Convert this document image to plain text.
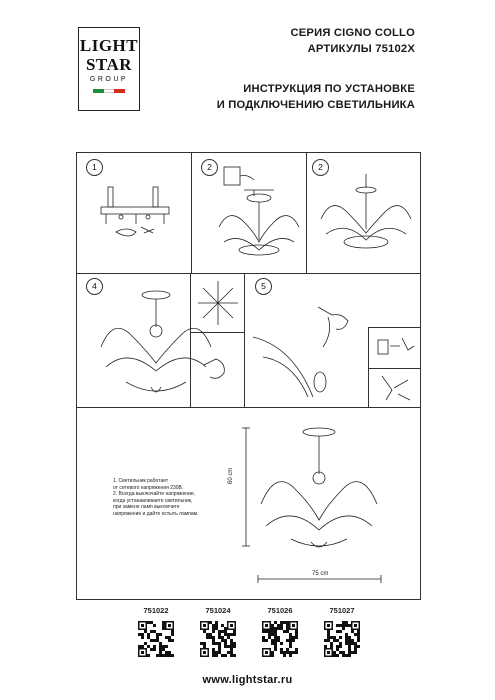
LIGHT
STAR
GROUP
СЕРИЯ CIGNO COLLO
АРТИКУЛЫ 75102X
ИНСТРУКЦИЯ ПО УСТАНОВКЕ
И ПОДКЛЮЧЕНИЮ СВЕТИЛЬНИКА
1	2	2
4	5
60 cm
75 cm
1. Светильник работает
от сетевого напряжения 230В.
2. Всегда выключайте напряжение,
когда устанавливаете светильник,
при замене ламп выключите
напряжение и дайте остыть лампам.
751022	751024	751026	751027
www.lightstar.ru
